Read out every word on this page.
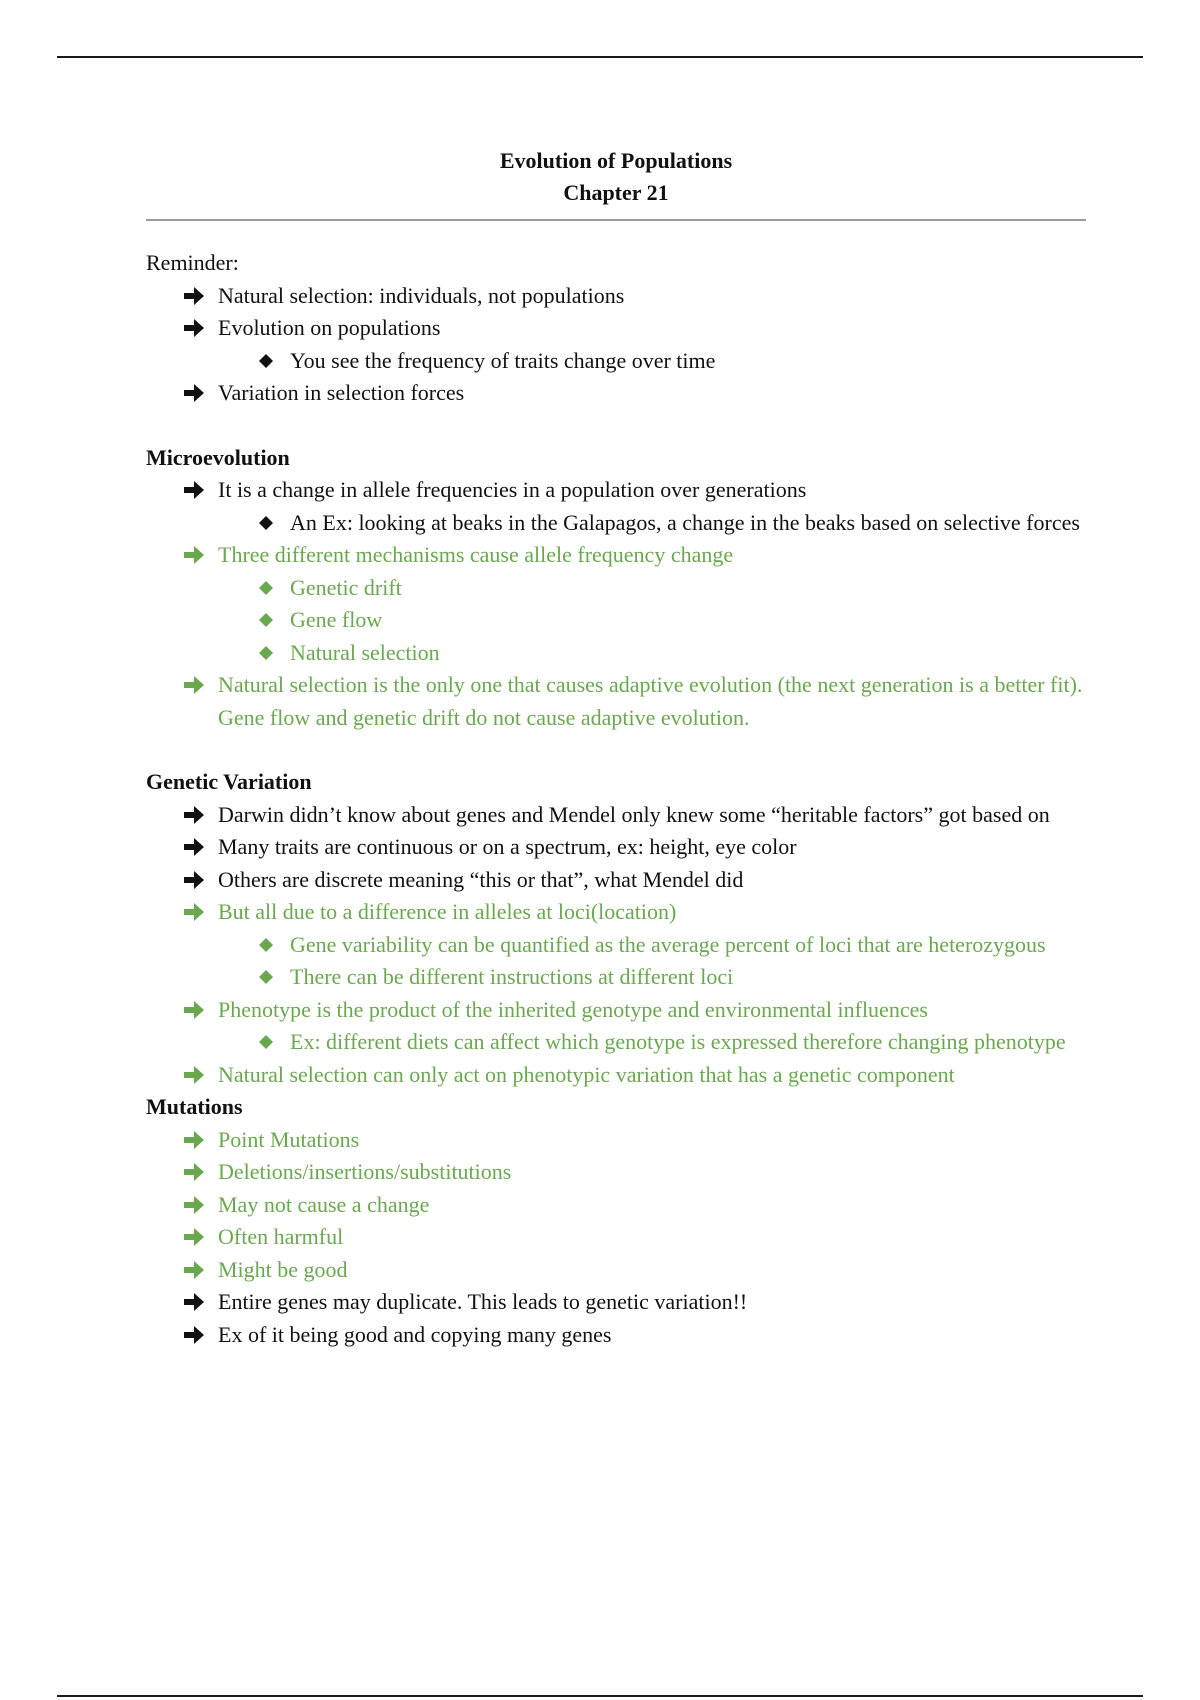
Evolution of Populations
Chapter 21
Reminder:
Natural selection: individuals, not populations
Evolution on populations
You see the frequency of traits change over time
Variation in selection forces
Microevolution
It is a change in allele frequencies in a population over generations
An Ex: looking at beaks in the Galapagos, a change in the beaks based on selective forces
Three different mechanisms cause allele frequency change
Genetic drift
Gene flow
Natural selection
Natural selection is the only one that causes adaptive evolution (the next generation is a better fit). Gene flow and genetic drift do not cause adaptive evolution.
Genetic Variation
Darwin didn’t know about genes and Mendel only knew some “heritable factors” got based on
Many traits are continuous or on a spectrum, ex: height, eye color
Others are discrete meaning “this or that”, what Mendel did
But all due to a difference in alleles at loci(location)
Gene variability can be quantified as the average percent of loci that are heterozygous
There can be different instructions at different loci
Phenotype is the product of the inherited genotype and environmental influences
Ex: different diets can affect which genotype is expressed therefore changing phenotype
Natural selection can only act on phenotypic variation that has a genetic component
Mutations
Point Mutations
Deletions/insertions/substitutions
May not cause a change
Often harmful
Might be good
Entire genes may duplicate. This leads to genetic variation!!
Ex of it being good and copying many genes
